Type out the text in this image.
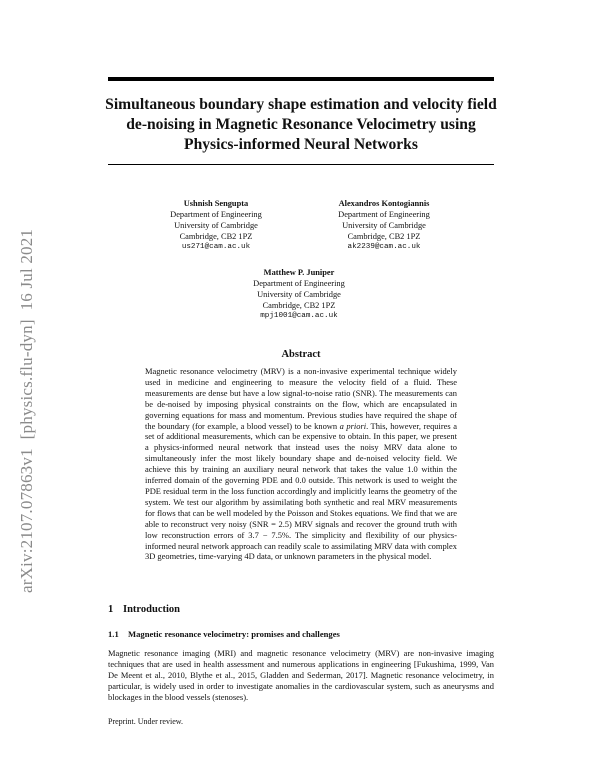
arXiv:2107.07863v1  [physics.flu-dyn]  16 Jul 2021
Simultaneous boundary shape estimation and velocity field de-noising in Magnetic Resonance Velocimetry using Physics-informed Neural Networks
Ushnish Sengupta
Department of Engineering
University of Cambridge
Cambridge, CB2 1PZ
us271@cam.ac.uk
Alexandros Kontogiannis
Department of Engineering
University of Cambridge
Cambridge, CB2 1PZ
ak2239@cam.ac.uk
Matthew P. Juniper
Department of Engineering
University of Cambridge
Cambridge, CB2 1PZ
mpj1001@cam.ac.uk
Abstract
Magnetic resonance velocimetry (MRV) is a non-invasive experimental technique widely used in medicine and engineering to measure the velocity field of a fluid. These measurements are dense but have a low signal-to-noise ratio (SNR). The measurements can be de-noised by imposing physical constraints on the flow, which are encapsulated in governing equations for mass and momentum. Previous studies have required the shape of the boundary (for example, a blood vessel) to be known a priori. This, however, requires a set of additional measurements, which can be expensive to obtain. In this paper, we present a physics-informed neural network that instead uses the noisy MRV data alone to simultaneously infer the most likely boundary shape and de-noised velocity field. We achieve this by training an auxiliary neural network that takes the value 1.0 within the inferred domain of the governing PDE and 0.0 outside. This network is used to weight the PDE residual term in the loss function accordingly and implicitly learns the geometry of the system. We test our algorithm by assimilating both synthetic and real MRV measurements for flows that can be well modeled by the Poisson and Stokes equations. We find that we are able to reconstruct very noisy (SNR = 2.5) MRV signals and recover the ground truth with low reconstruction errors of 3.7 − 7.5%. The simplicity and flexibility of our physics-informed neural network approach can readily scale to assimilating MRV data with complex 3D geometries, time-varying 4D data, or unknown parameters in the physical model.
1 Introduction
1.1 Magnetic resonance velocimetry: promises and challenges
Magnetic resonance imaging (MRI) and magnetic resonance velocimetry (MRV) are non-invasive imaging techniques that are used in health assessment and numerous applications in engineering [Fukushima, 1999, Van De Meent et al., 2010, Blythe et al., 2015, Gladden and Sederman, 2017]. Magnetic resonance velocimetry, in particular, is widely used in order to investigate anomalies in the cardiovascular system, such as aneurysms and blockages in the blood vessels (stenoses).
Preprint. Under review.
